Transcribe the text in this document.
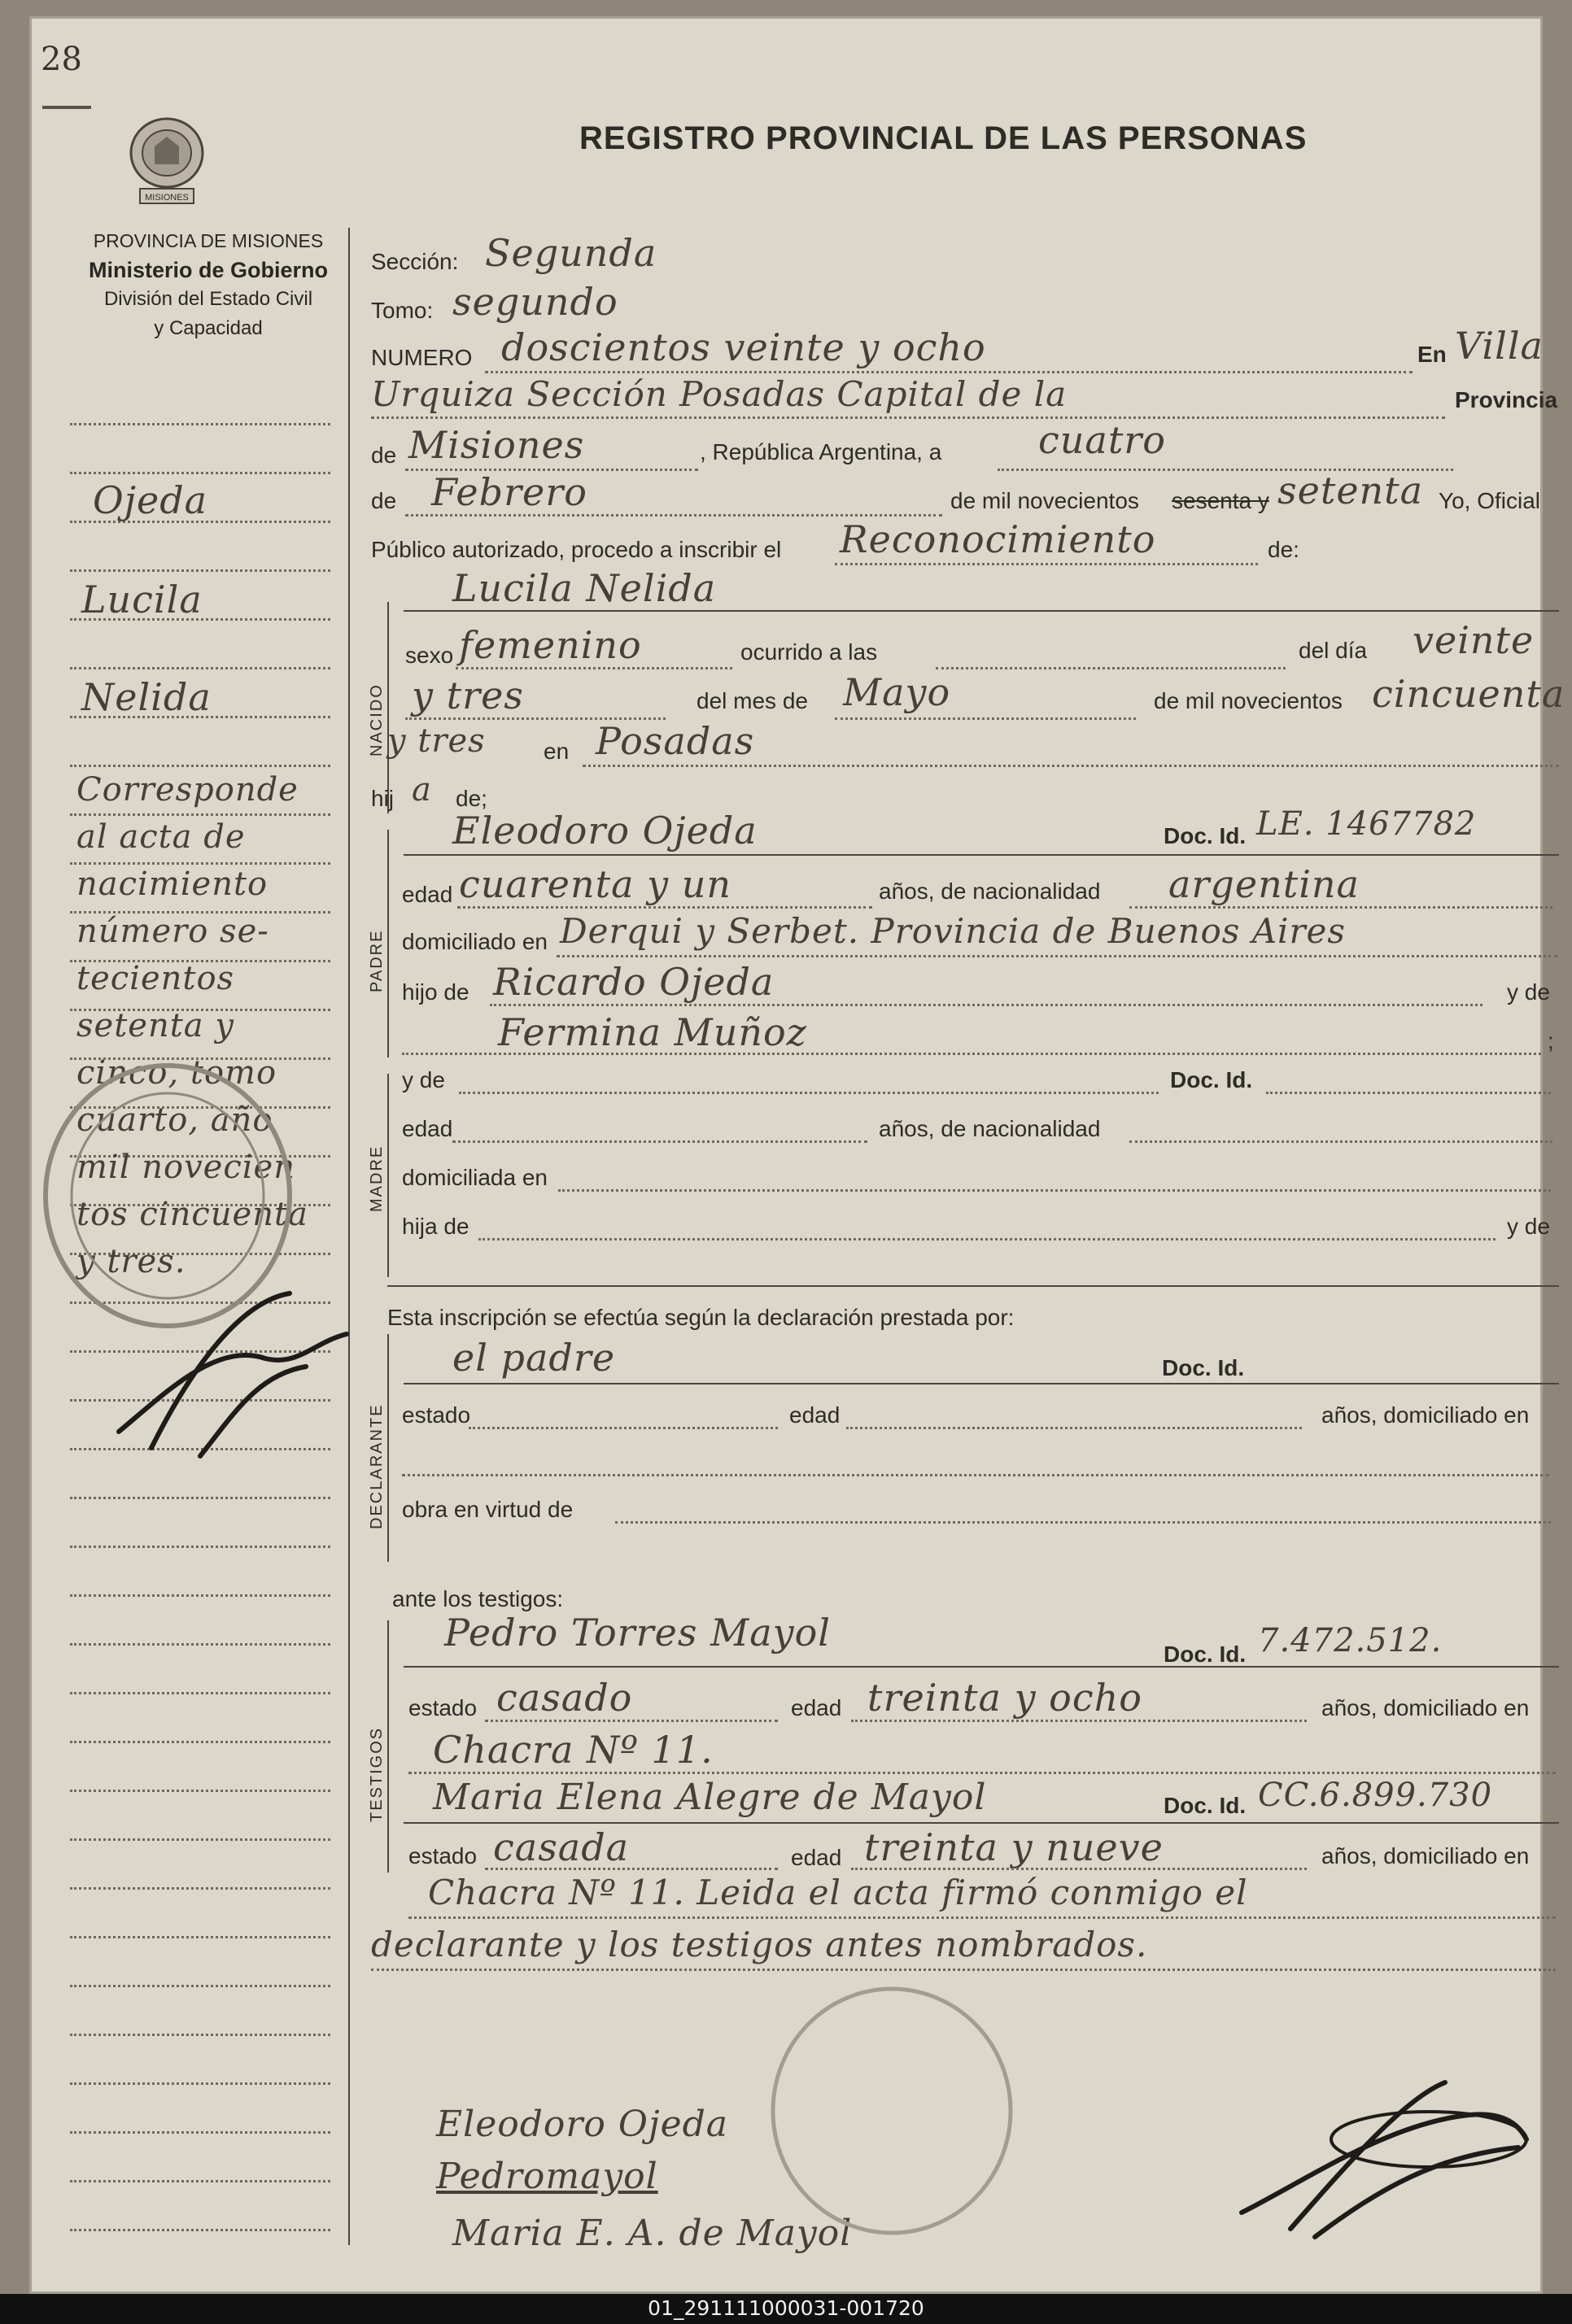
28
MISIONES
REGISTRO PROVINCIAL DE LAS PERSONAS
PROVINCIA DE MISIONES
Ministerio de Gobierno
División del Estado Civil
y Capacidad
Ojeda
Lucila
Nelida
Corresponde
al acta de
nacimiento
número se-
tecientos
setenta y
cinco, tomo
cuarto, año
mil novecien
tos cincuenta
y tres.
Sección: Segunda
Tomo: segundo
NUMERO doscientos veinte y ocho	En Villa
Urquiza Sección Posadas Capital de la	Provincia
de Misiones	, República Argentina, a	cuatro
de Febrero	de mil novecientos sesenta y setenta Yo, Oficial
Público autorizado, procedo a inscribir el Reconocimiento	de:
NACIDO
Lucila Nelida
sexo femenino	ocurrido a las	del día veinte
y tres	del mes de Mayo	de mil novecientos cincuenta
y tres	en Posadas
hij a de;
PADRE
Eleodoro Ojeda	Doc. Id. LE. 1467782
edad cuarenta y un	años, de nacionalidad argentina
domiciliado en Derqui y Serbet. Provincia de Buenos Aires
hijo de Ricardo Ojeda	y de
Fermina Muñoz	;
MADRE
y de	Doc. Id.
edad	años, de nacionalidad
domiciliada en
hija de	y de
Esta inscripción se efectúa según la declaración prestada por:
DECLARANTE
el padre	Doc. Id.
estado	edad	años, domiciliado en
obra en virtud de
ante los testigos:
TESTIGOS
Pedro Torres Mayol	Doc. Id. 7.472.512.
estado casado	edad treinta y ocho	años, domiciliado en
Chacra Nº 11.
Maria Elena Alegre de Mayol	Doc. Id. CC.6.899.730
estado casada	edad treinta y nueve	años, domiciliado en
Chacra Nº 11. Leida el acta firmó conmigo el
declarante y los testigos antes nombrados.
Eleodoro Ojeda
Pedromayol
Maria E. A. de Mayol
01_291111000031-001720
